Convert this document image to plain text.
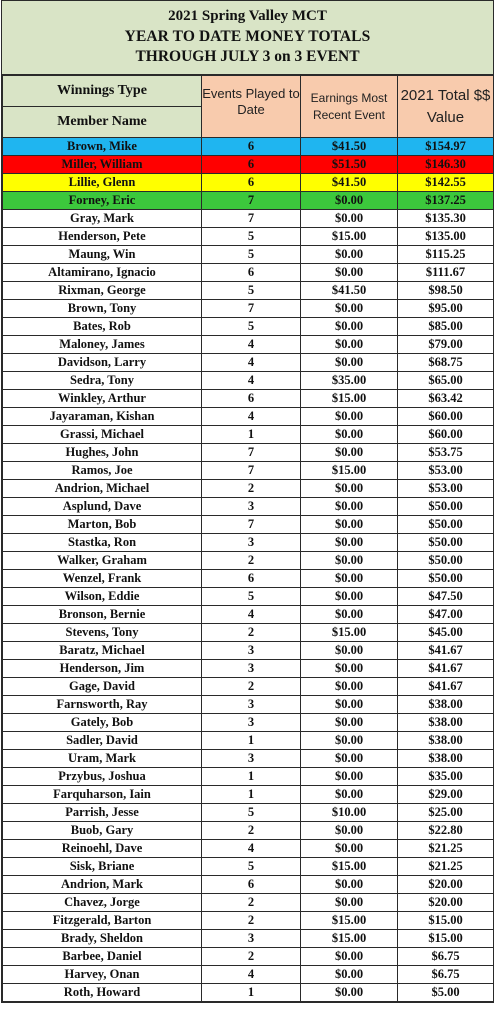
2021 Spring Valley MCT
YEAR TO DATE MONEY TOTALS
THROUGH JULY 3 on 3 EVENT
Winnings Type	Events Played to Date	Earnings Most Recent Event	2021 Total $$ Value
Member Name			
Brown, Mike	6	$41.50	$154.97
Miller, William	6	$51.50	$146.30
Lillie, Glenn	6	$41.50	$142.55
Forney, Eric	7	$0.00	$137.25
Gray, Mark	7	$0.00	$135.30
Henderson, Pete	5	$15.00	$135.00
Maung, Win	5	$0.00	$115.25
Altamirano, Ignacio	6	$0.00	$111.67
Rixman, George	5	$41.50	$98.50
Brown, Tony	7	$0.00	$95.00
Bates, Rob	5	$0.00	$85.00
Maloney, James	4	$0.00	$79.00
Davidson, Larry	4	$0.00	$68.75
Sedra, Tony	4	$35.00	$65.00
Winkley, Arthur	6	$15.00	$63.42
Jayaraman, Kishan	4	$0.00	$60.00
Grassi, Michael	1	$0.00	$60.00
Hughes, John	7	$0.00	$53.75
Ramos, Joe	7	$15.00	$53.00
Andrion, Michael	2	$0.00	$53.00
Asplund, Dave	3	$0.00	$50.00
Marton, Bob	7	$0.00	$50.00
Stastka, Ron	3	$0.00	$50.00
Walker, Graham	2	$0.00	$50.00
Wenzel, Frank	6	$0.00	$50.00
Wilson, Eddie	5	$0.00	$47.50
Bronson, Bernie	4	$0.00	$47.00
Stevens, Tony	2	$15.00	$45.00
Baratz, Michael	3	$0.00	$41.67
Henderson, Jim	3	$0.00	$41.67
Gage, David	2	$0.00	$41.67
Farnsworth, Ray	3	$0.00	$38.00
Gately, Bob	3	$0.00	$38.00
Sadler, David	1	$0.00	$38.00
Uram, Mark	3	$0.00	$38.00
Przybus, Joshua	1	$0.00	$35.00
Farquharson, Iain	1	$0.00	$29.00
Parrish, Jesse	5	$10.00	$25.00
Buob, Gary	2	$0.00	$22.80
Reinoehl, Dave	4	$0.00	$21.25
Sisk, Briane	5	$15.00	$21.25
Andrion, Mark	6	$0.00	$20.00
Chavez, Jorge	2	$0.00	$20.00
Fitzgerald, Barton	2	$15.00	$15.00
Brady, Sheldon	3	$15.00	$15.00
Barbee, Daniel	2	$0.00	$6.75
Harvey, Onan	4	$0.00	$6.75
Roth, Howard	1	$0.00	$5.00
